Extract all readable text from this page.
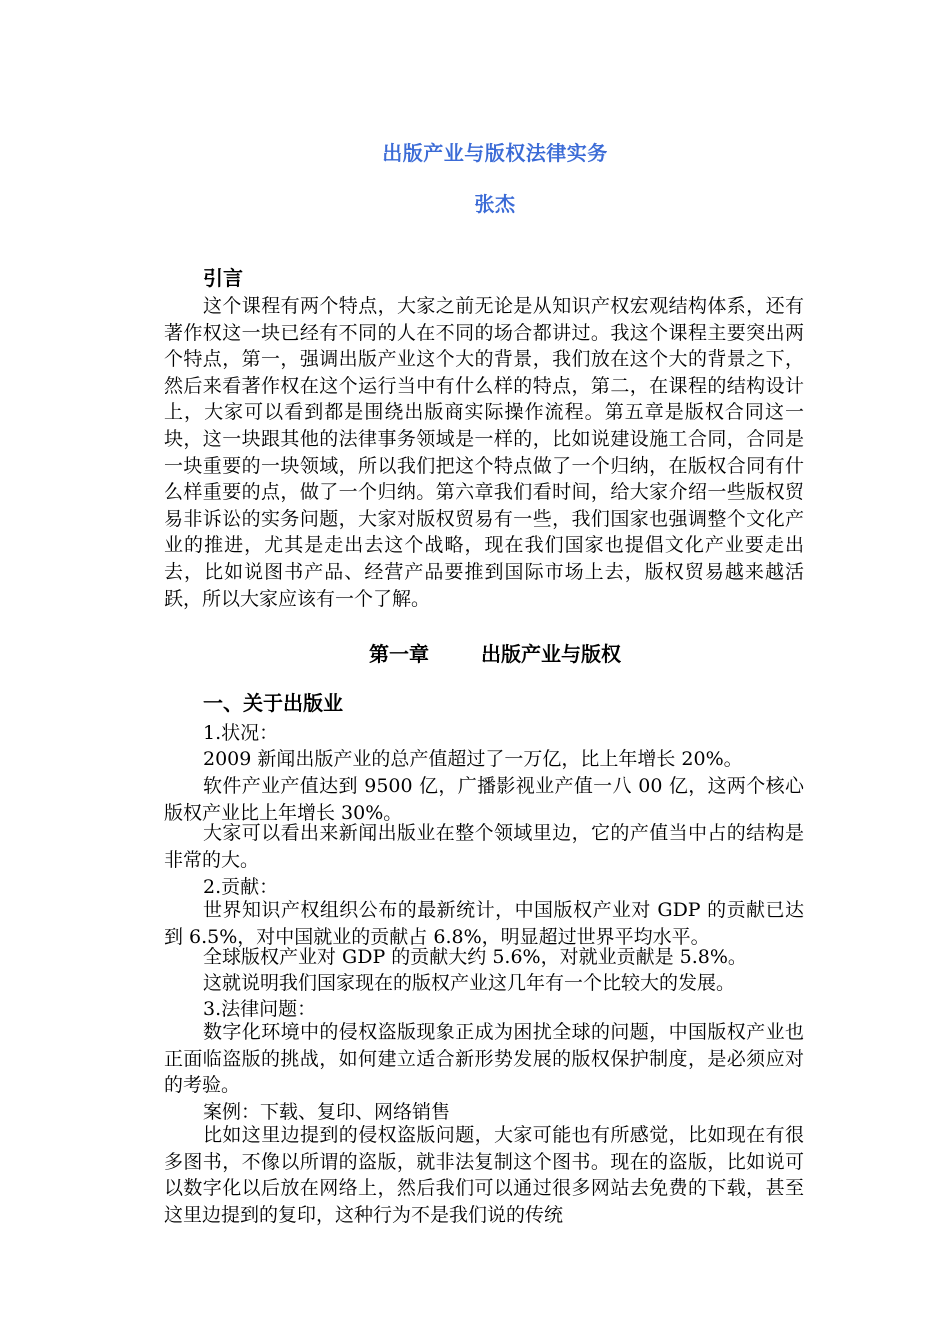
出版产业与版权法律实务
张杰
引言

这个课程有两个特点，大家之前无论是从知识产权宏观结构体系，还有著作权这一块已经有不同的人在不同的场合都讲过。我这个课程主要突出两个特点，第一，强调出版产业这个大的背景，我们放在这个大的背景之下，然后来看著作权在这个运行当中有什么样的特点，第二，在课程的结构设计上，大家可以看到都是围绕出版商实际操作流程。第五章是版权合同这一块，这一块跟其他的法律事务领域是一样的，比如说建设施工合同，合同是一块重要的一块领域，所以我们把这个特点做了一个归纳，在版权合同有什么样重要的点，做了一个归纳。第六章我们看时间，给大家介绍一些版权贸易非诉讼的实务问题，大家对版权贸易有一些，我们国家也强调整个文化产业的推进，尤其是走出去这个战略，现在我们国家也提倡文化产业要走出去，比如说图书产品、经营产品要推到国际市场上去，版权贸易越来越活跃，所以大家应该有一个了解。

第一章	出版产业与版权
一、关于出版业

1.状况：

2009 新闻出版产业的总产值超过了一万亿，比上年增长 20%。

软件产业产值达到 9500 亿，广播影视业产值一八 00 亿，这两个核心版权产业比上年增长 30%。

大家可以看出来新闻出版业在整个领域里边，它的产值当中占的结构是非常的大。

2.贡献：

世界知识产权组织公布的最新统计，中国版权产业对 GDP 的贡献已达到 6.5%，对中国就业的贡献占 6.8%，明显超过世界平均水平。

全球版权产业对 GDP 的贡献大约 5.6%，对就业贡献是 5.8%。

这就说明我们国家现在的版权产业这几年有一个比较大的发展。

3.法律问题：

数字化环境中的侵权盗版现象正成为困扰全球的问题，中国版权产业也正面临盗版的挑战，如何建立适合新形势发展的版权保护制度，是必须应对的考验。

案例：下载、复印、网络销售

比如这里边提到的侵权盗版问题，大家可能也有所感觉，比如现在有很多图书，不像以所谓的盗版，就非法复制这个图书。现在的盗版，比如说可以数字化以后放在网络上，然后我们可以通过很多网站去免费的下载，甚至这里边提到的复印，这种行为不是我们说的传统
